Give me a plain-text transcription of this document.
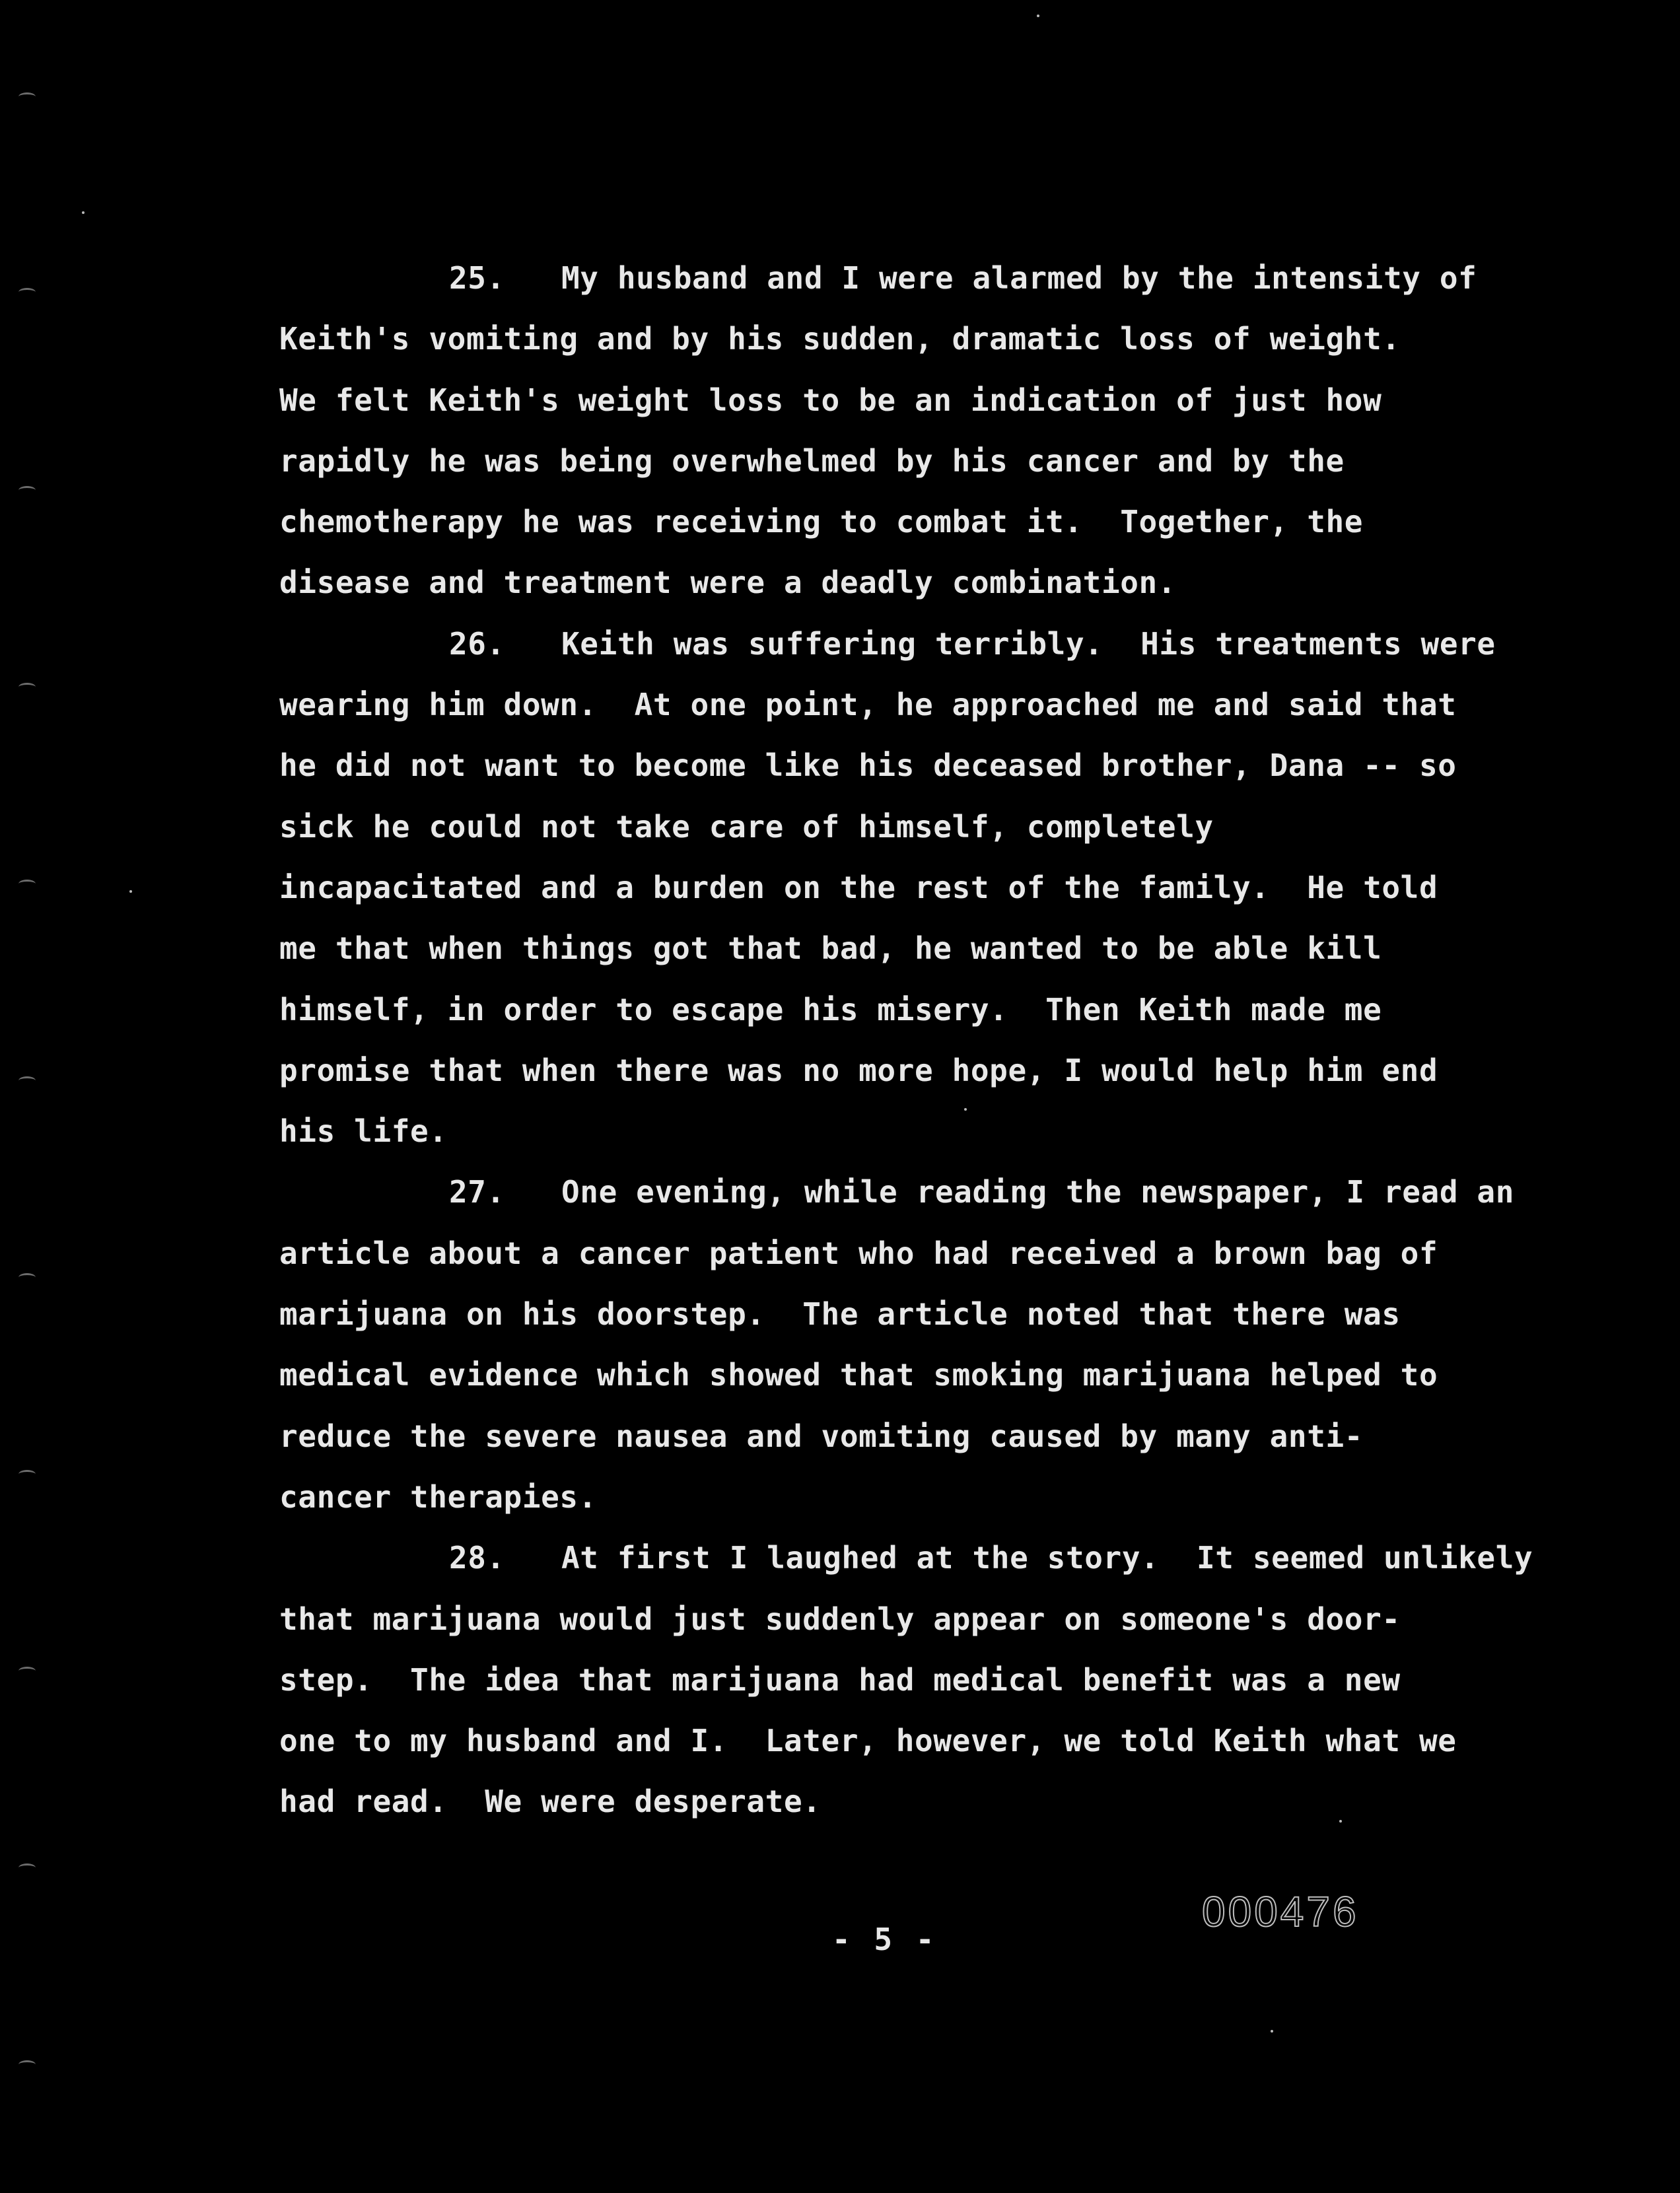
25. My husband and I were alarmed by the intensity of
Keith's vomiting and by his sudden, dramatic loss of weight.
We felt Keith's weight loss to be an indication of just how
rapidly he was being overwhelmed by his cancer and by the
chemotherapy he was receiving to combat it.  Together, the
disease and treatment were a deadly combination.
26. Keith was suffering terribly.  His treatments were
wearing him down.  At one point, he approached me and said that
he did not want to become like his deceased brother, Dana -- so
sick he could not take care of himself, completely
incapacitated and a burden on the rest of the family.  He told
me that when things got that bad, he wanted to be able kill
himself, in order to escape his misery.  Then Keith made me
promise that when there was no more hope, I would help him end
his life.
27. One evening, while reading the newspaper, I read an
article about a cancer patient who had received a brown bag of
marijuana on his doorstep.  The article noted that there was
medical evidence which showed that smoking marijuana helped to
reduce the severe nausea and vomiting caused by many anti-
cancer therapies.
28. At first I laughed at the story.  It seemed unlikely
that marijuana would just suddenly appear on someone's door-
step.  The idea that marijuana had medical benefit was a new
one to my husband and I.  Later, however, we told Keith what we
had read.  We were desperate.
000476
- 5 -
